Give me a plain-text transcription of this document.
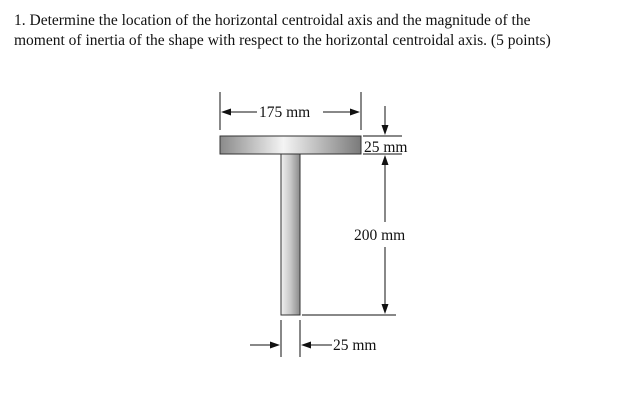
1. Determine the location of the horizontal centroidal axis and the magnitude of the
moment of inertia of the shape with respect to the horizontal centroidal axis. (5 points)
175 mm
25 mm
200 mm
25 mm
